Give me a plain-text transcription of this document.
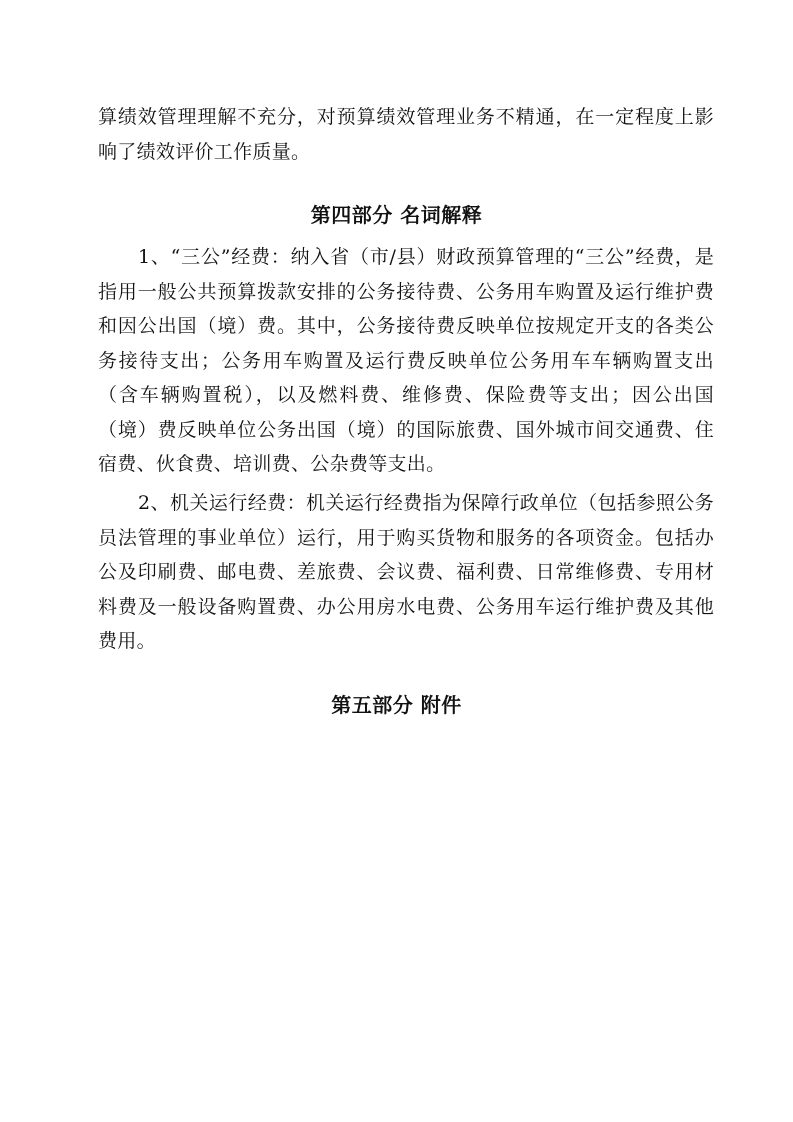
算绩效管理理解不充分，对预算绩效管理业务不精通，在一定程度上影响了绩效评价工作质量。

第四部分 名词解释

1、“三公”经费：纳入省（市/县）财政预算管理的“三公”经费，是指用一般公共预算拨款安排的公务接待费、公务用车购置及运行维护费和因公出国（境）费。其中，公务接待费反映单位按规定开支的各类公务接待支出；公务用车购置及运行费反映单位公务用车车辆购置支出（含车辆购置税），以及燃料费、维修费、保险费等支出；因公出国（境）费反映单位公务出国（境）的国际旅费、国外城市间交通费、住宿费、伙食费、培训费、公杂费等支出。

2、机关运行经费：机关运行经费指为保障行政单位（包括参照公务员法管理的事业单位）运行，用于购买货物和服务的各项资金。包括办公及印刷费、邮电费、差旅费、会议费、福利费、日常维修费、专用材料费及一般设备购置费、办公用房水电费、公务用车运行维护费及其他费用。

第五部分 附件
